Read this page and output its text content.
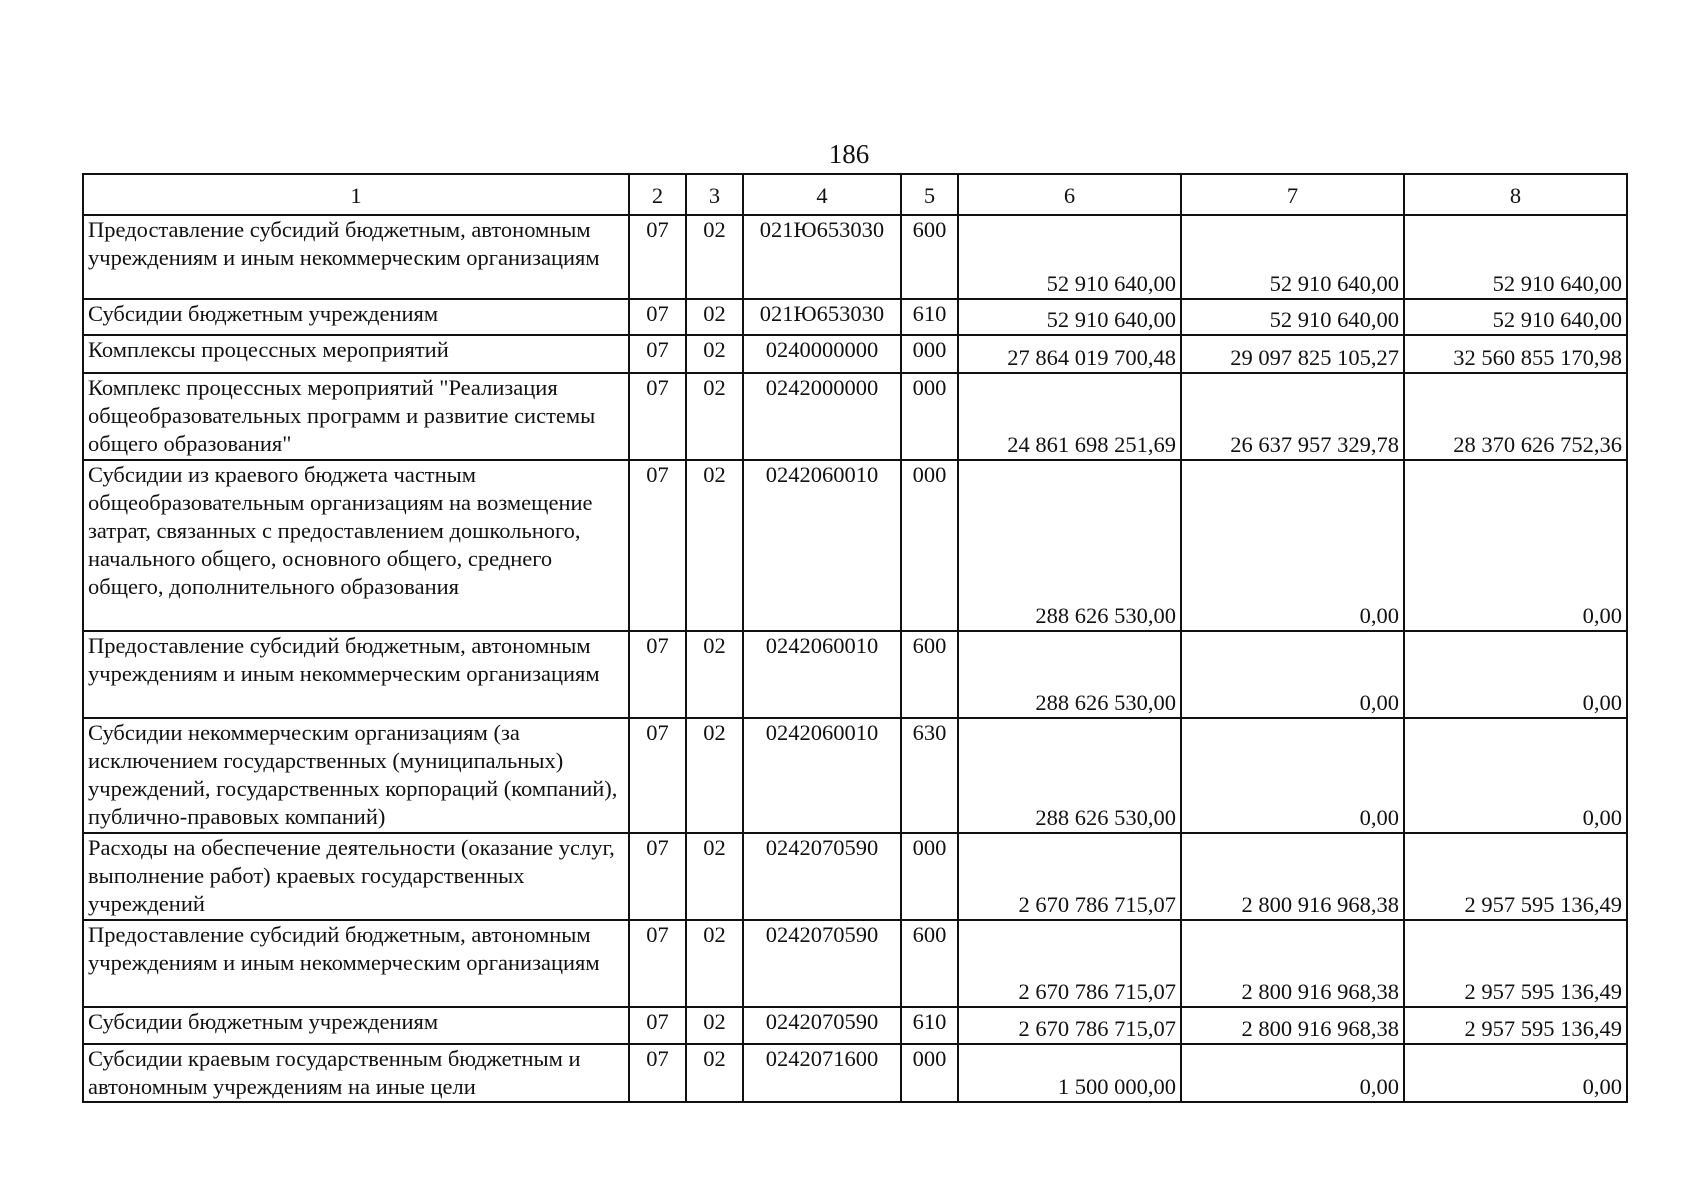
186
1	2	3	4	5	6	7	8
Предоставление субсидий бюджетным, автономным учреждениям и иным некоммерческим организациям	07	02	021Ю653030	600	52 910 640,00	52 910 640,00	52 910 640,00
Субсидии бюджетным учреждениям	07	02	021Ю653030	610	52 910 640,00	52 910 640,00	52 910 640,00
Комплексы процессных мероприятий	07	02	0240000000	000	27 864 019 700,48	29 097 825 105,27	32 560 855 170,98
Комплекс процессных мероприятий "Реализация общеобразовательных программ и развитие системы общего образования"	07	02	0242000000	000	24 861 698 251,69	26 637 957 329,78	28 370 626 752,36
Субсидии из краевого бюджета частным общеобразовательным организациям на возмещение затрат, связанных с предоставлением дошкольного, начального общего, основного общего, среднего общего, дополнительного образования	07	02	0242060010	000	288 626 530,00	0,00	0,00
Предоставление субсидий бюджетным, автономным учреждениям и иным некоммерческим организациям	07	02	0242060010	600	288 626 530,00	0,00	0,00
Субсидии некоммерческим организациям (за исключением государственных (муниципальных) учреждений, государственных корпораций (компаний), публично-правовых компаний)	07	02	0242060010	630	288 626 530,00	0,00	0,00
Расходы на обеспечение деятельности (оказание услуг, выполнение работ) краевых государственных учреждений	07	02	0242070590	000	2 670 786 715,07	2 800 916 968,38	2 957 595 136,49
Предоставление субсидий бюджетным, автономным учреждениям и иным некоммерческим организациям	07	02	0242070590	600	2 670 786 715,07	2 800 916 968,38	2 957 595 136,49
Субсидии бюджетным учреждениям	07	02	0242070590	610	2 670 786 715,07	2 800 916 968,38	2 957 595 136,49
Субсидии краевым государственным бюджетным и автономным учреждениям на иные цели	07	02	0242071600	000	1 500 000,00	0,00	0,00
